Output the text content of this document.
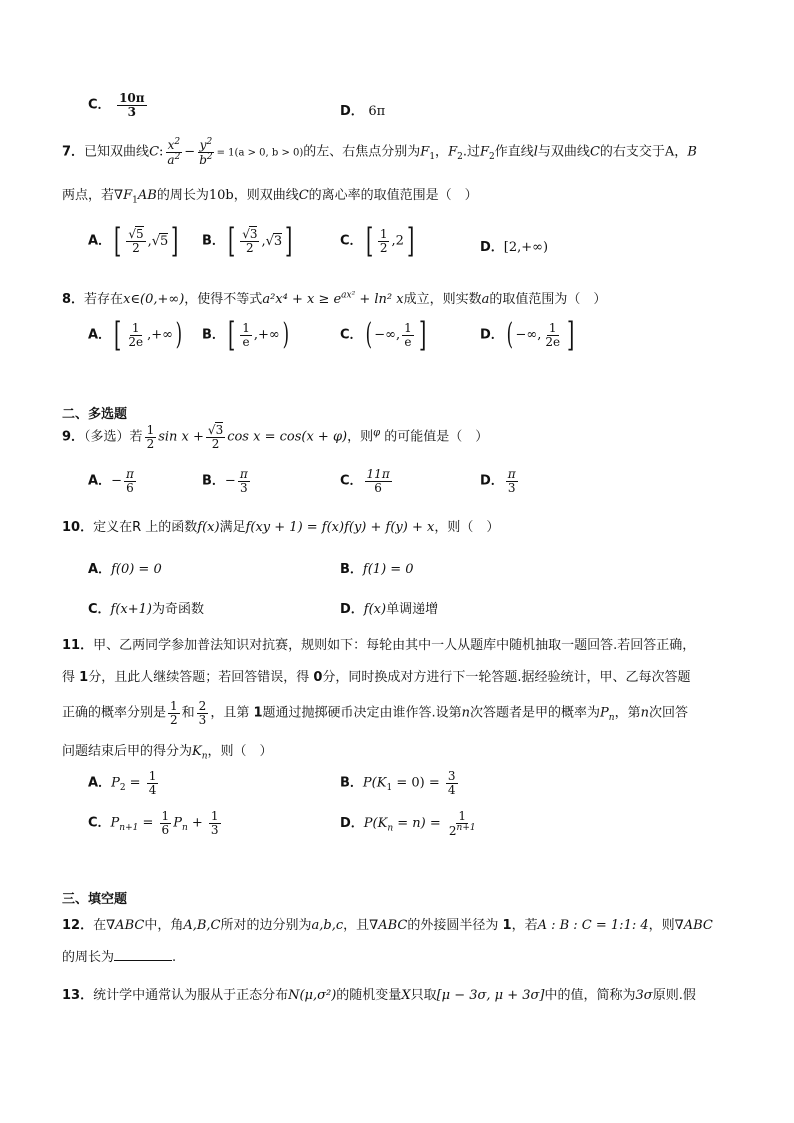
C． $\frac{10\pi}{3}$	D． 6π
7．已知双曲线C: $\frac{x^2}{a^2} - \frac{y^2}{b^2} = 1(a > 0$, b > 0)的左、右焦点分别为$F_1$，$F_2$.过$F_2$作直线l与双曲线C的右支交于A，B
两点，若$\nabla F_1AB$的周长为10b，则双曲线C的离心率的取值范围是（　）
A．[ $\frac{√5}{2} ,√5$] B．[ $\frac{√3}{2} ,√3$]	C．[ $\frac{1}{2} ,2$]	D．[2,+∞)
8．若存在x∈(0,+∞)，使得不等式$a^2x^4 + x \ge e^{ax^2} + \ln^2$ x成立，则实数a的取值范围为（　）
A．[ $\frac{1}{2e}$ ,+∞) B．[ $\frac{1}{e}$ ,+∞)	C．( −∞, $\frac{1}{e}$ ]	D．( −∞, $\frac{1}{2e}$ ]
二、多选题
9．（多选）若 $\frac{1}{2}$ $\sin x + \frac{√3}{2}$ cos x = cos(x + φ)，则$^\varphi$ 的可能值是（　）
A．− $\frac{\pi}{6}$	B．− $\frac{\pi}{3}$	C． $\frac{11\pi}{6}$	D． $\frac{\pi}{3}$
10．定义在R 上的函数f(x)满足f(xy + 1) = f(x)f(y) + f(y) + x，则（　）
A．f(0) = 0	B．f(1) = 0
C．f(x+1)为奇函数	D．f(x)单调递增
11．甲、乙两同学参加普法知识对抗赛，规则如下：每轮由其中一人从题库中随机抽取一题回答.若回答正确，
得 1分，且此人继续答题；若回答错误，得 0分，同时换成对方进行下一轮答题.据经验统计，甲、乙每次答题
正确的概率分别是 $\frac{1}{2}$ 和 $\frac{2}{3}$ ，且第 1题通过抛掷硬币决定由谁作答.设第n次答题者是甲的概率为$P_n$，第n次回答
问题结束后甲的得分为$K_n$，则（　）
A．$P_2 = \frac{1}{4}$	B．$P(K_1 = 0) = \frac{3}{4}$
C．$P_{n+1} = \frac{1}{6} P_n + \frac{1}{3}$	D．$P(K_n = n) = \frac{1}{2^{n+1}}$
三、填空题
12．在∇ABC中，角A,B,C所对的边分别为a,b,c，且∇ABC的外接圆半径为 1，若A : B : C = 1:1: 4，则∇ABC
的周长为	.
13．统计学中通常认为服从于正态分布N(μ,σ²)的随机变量X只取[μ − 3σ, μ + 3σ]中的值，简称为3σ原则.假
